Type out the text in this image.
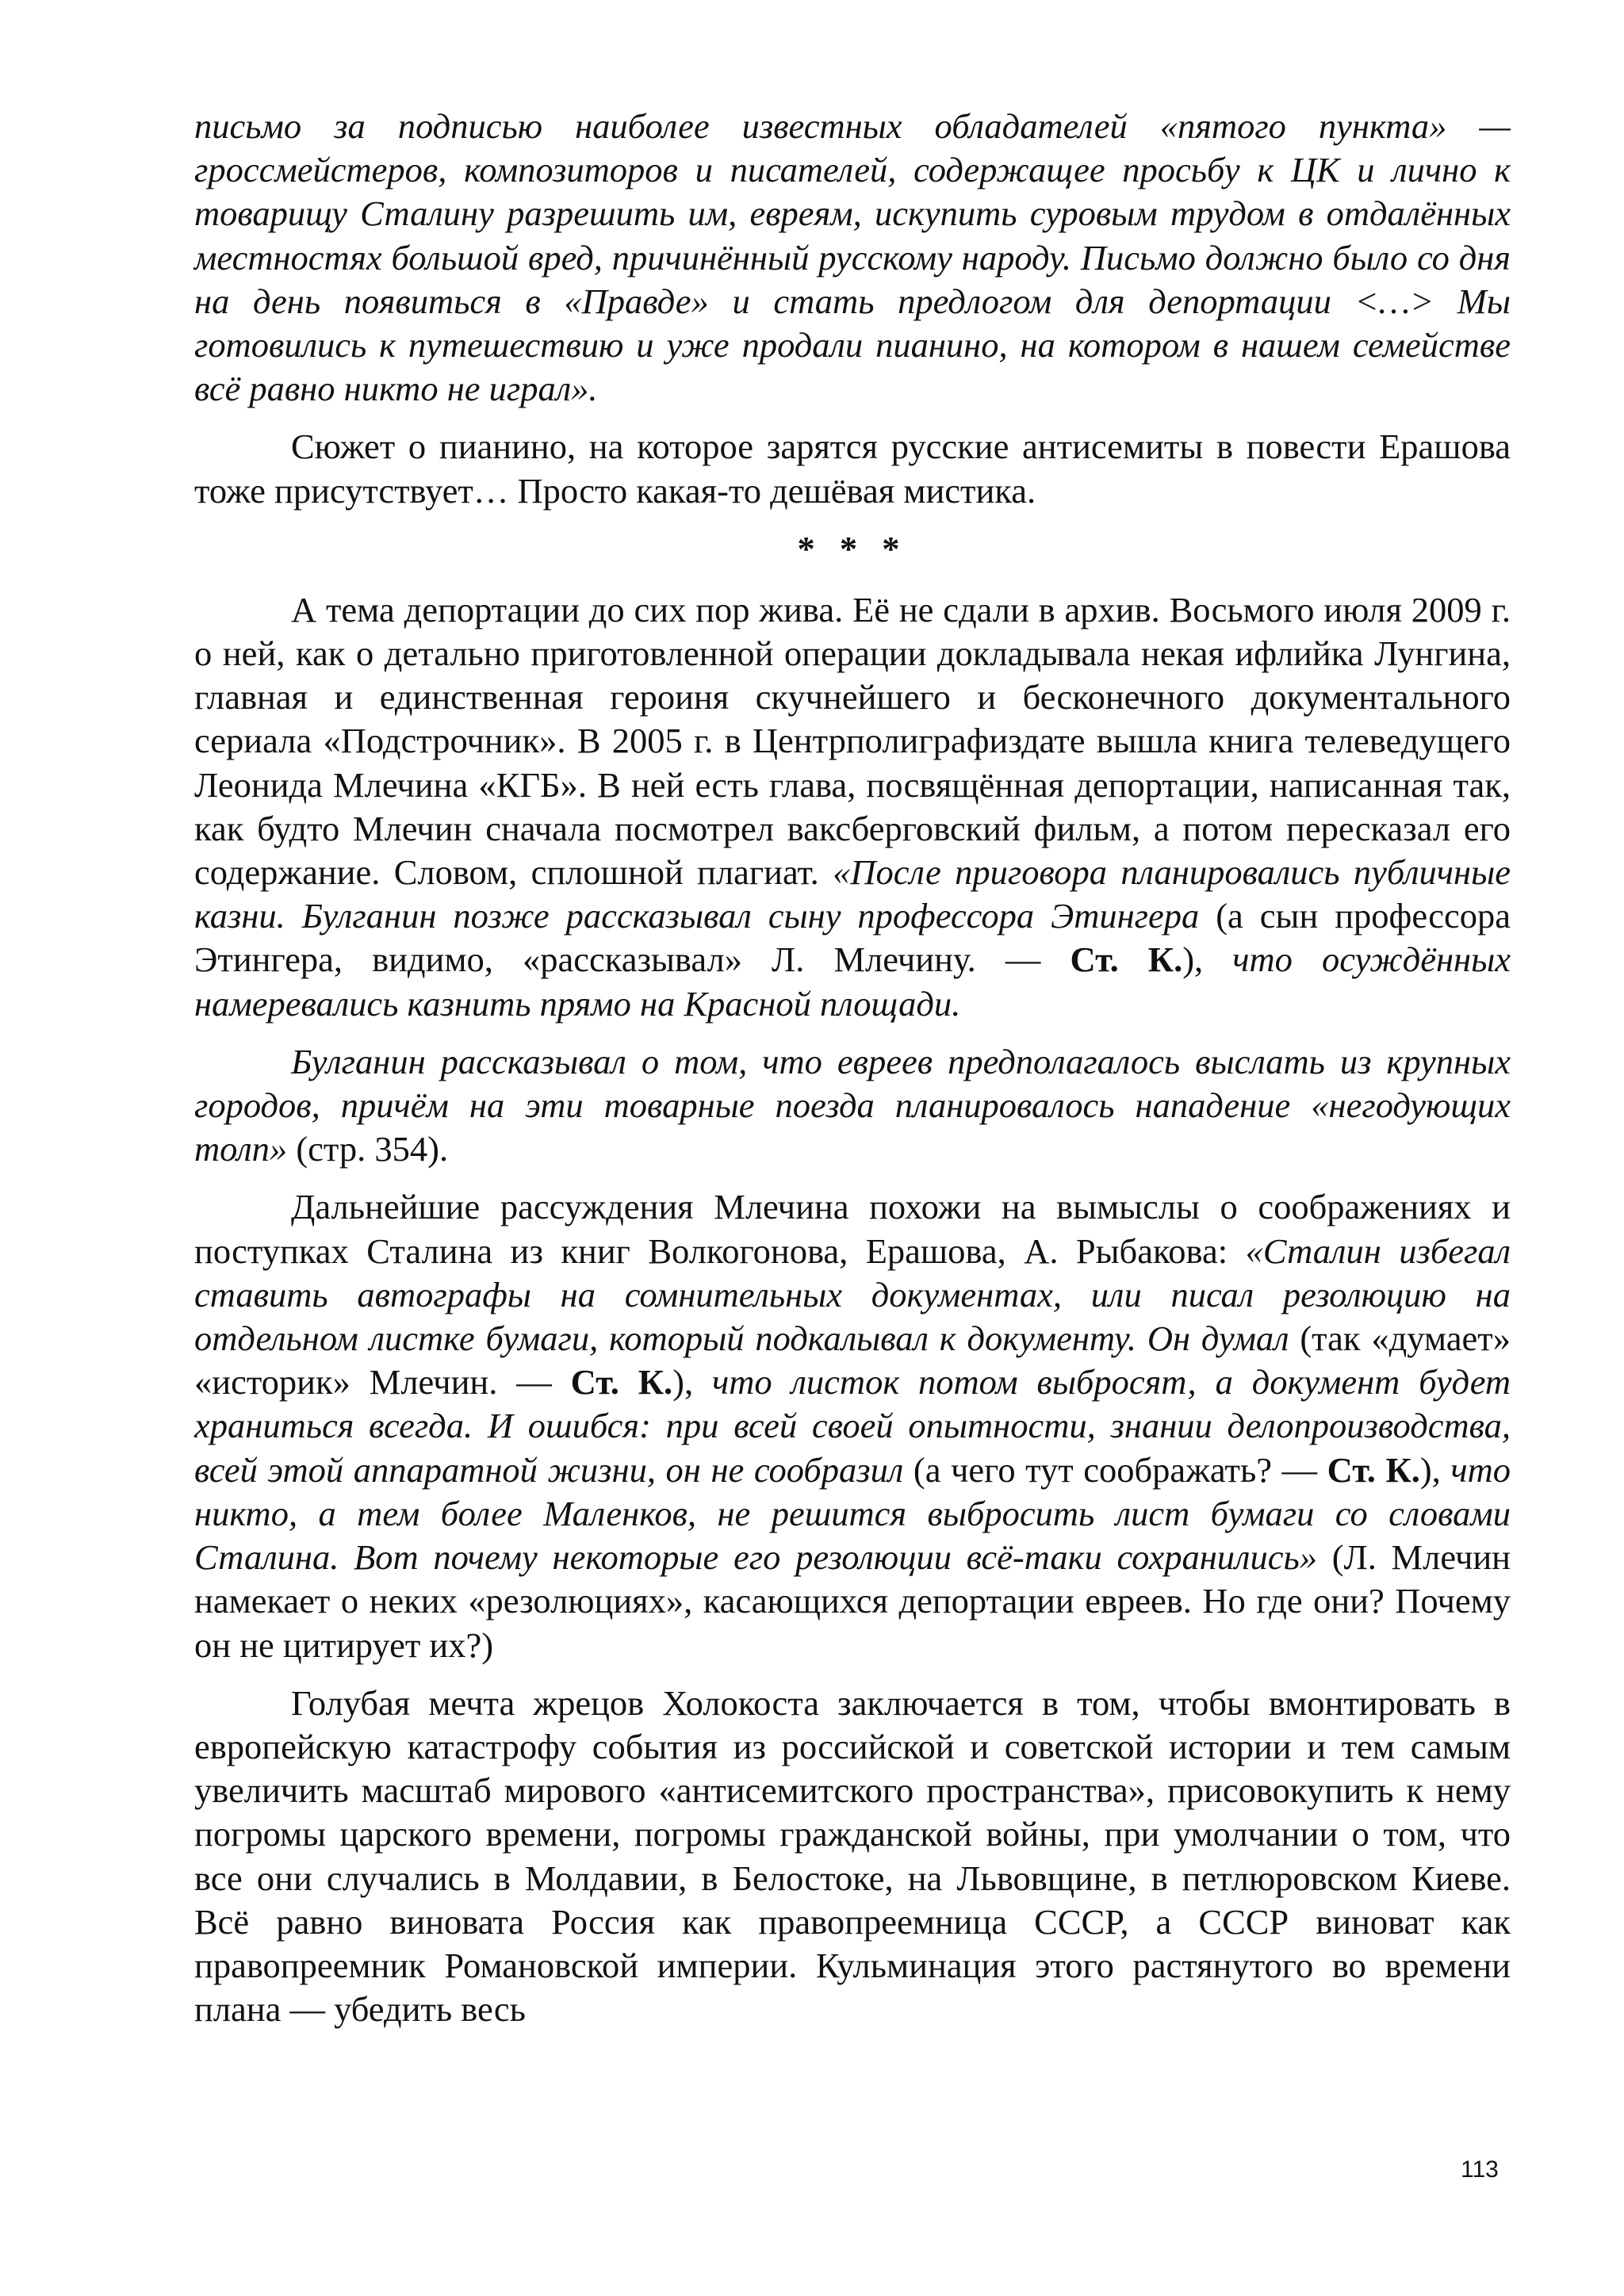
письмо за подписью наиболее известных обладателей «пятого пункта» — гроссмейстеров, композиторов и писателей, содержащее просьбу к ЦК и лично к товарищу Сталину разрешить им, евреям, искупить суровым трудом в отдалённых местностях большой вред, причинённый русскому народу. Письмо должно было со дня на день появиться в «Правде» и стать предлогом для депортации <…> Мы готовились к путешествию и уже продали пианино, на котором в нашем семействе всё равно никто не играл».

Сюжет о пианино, на которое зарятся русские антисемиты в повести Ерашова тоже присутствует… Просто какая-то дешёвая мистика.

* * *

А тема депортации до сих пор жива. Её не сдали в архив. Восьмого июля 2009 г. о ней, как о детально приготовленной операции докладывала некая ифлийка Лунгина, главная и единственная героиня скучнейшего и бесконечного документального сериала «Подстрочник». В 2005 г. в Центрполиграфиздате вышла книга телеведущего Леонида Млечина «КГБ». В ней есть глава, посвящённая депортации, написанная так, как будто Млечин сначала посмотрел ваксберговский фильм, а потом пересказал его содержание. Словом, сплошной плагиат. «После приговора планировались публичные казни. Булганин позже рассказывал сыну профессора Этингера (а сын профессора Этингера, видимо, «рассказывал» Л. Млечину. — Ст. К.), что осуждённых намеревались казнить прямо на Красной площади.

Булганин рассказывал о том, что евреев предполагалось выслать из крупных городов, причём на эти товарные поезда планировалось нападение «негодующих толп» (стр. 354).

Дальнейшие рассуждения Млечина похожи на вымыслы о соображениях и поступках Сталина из книг Волкогонова, Ерашова, А. Рыбакова: «Сталин избегал ставить автографы на сомнительных документах, или писал резолюцию на отдельном листке бумаги, который подкалывал к документу. Он думал (так «думает» «историк» Млечин. — Ст. К.), что листок потом выбросят, а документ будет храниться всегда. И ошибся: при всей своей опытности, знании делопроизводства, всей этой аппаратной жизни, он не сообразил (а чего тут соображать? — Ст. К.), что никто, а тем более Маленков, не решится выбросить лист бумаги со словами Сталина. Вот почему некоторые его резолюции всё-таки сохранились» (Л. Млечин намекает о неких «резолюциях», касающихся депортации евреев. Но где они? Почему он не цитирует их?)

Голубая мечта жрецов Холокоста заключается в том, чтобы вмонтировать в европейскую катастрофу события из российской и советской истории и тем самым увеличить масштаб мирового «антисемитского пространства», присовокупить к нему погромы царского времени, погромы гражданской войны, при умолчании о том, что все они случались в Молдавии, в Белостоке, на Львовщине, в петлюровском Киеве. Всё равно виновата Россия как правопреемница СССР, а СССР виноват как правопреемник Романовской империи. Кульминация этого растянутого во времени плана — убедить весь

113
